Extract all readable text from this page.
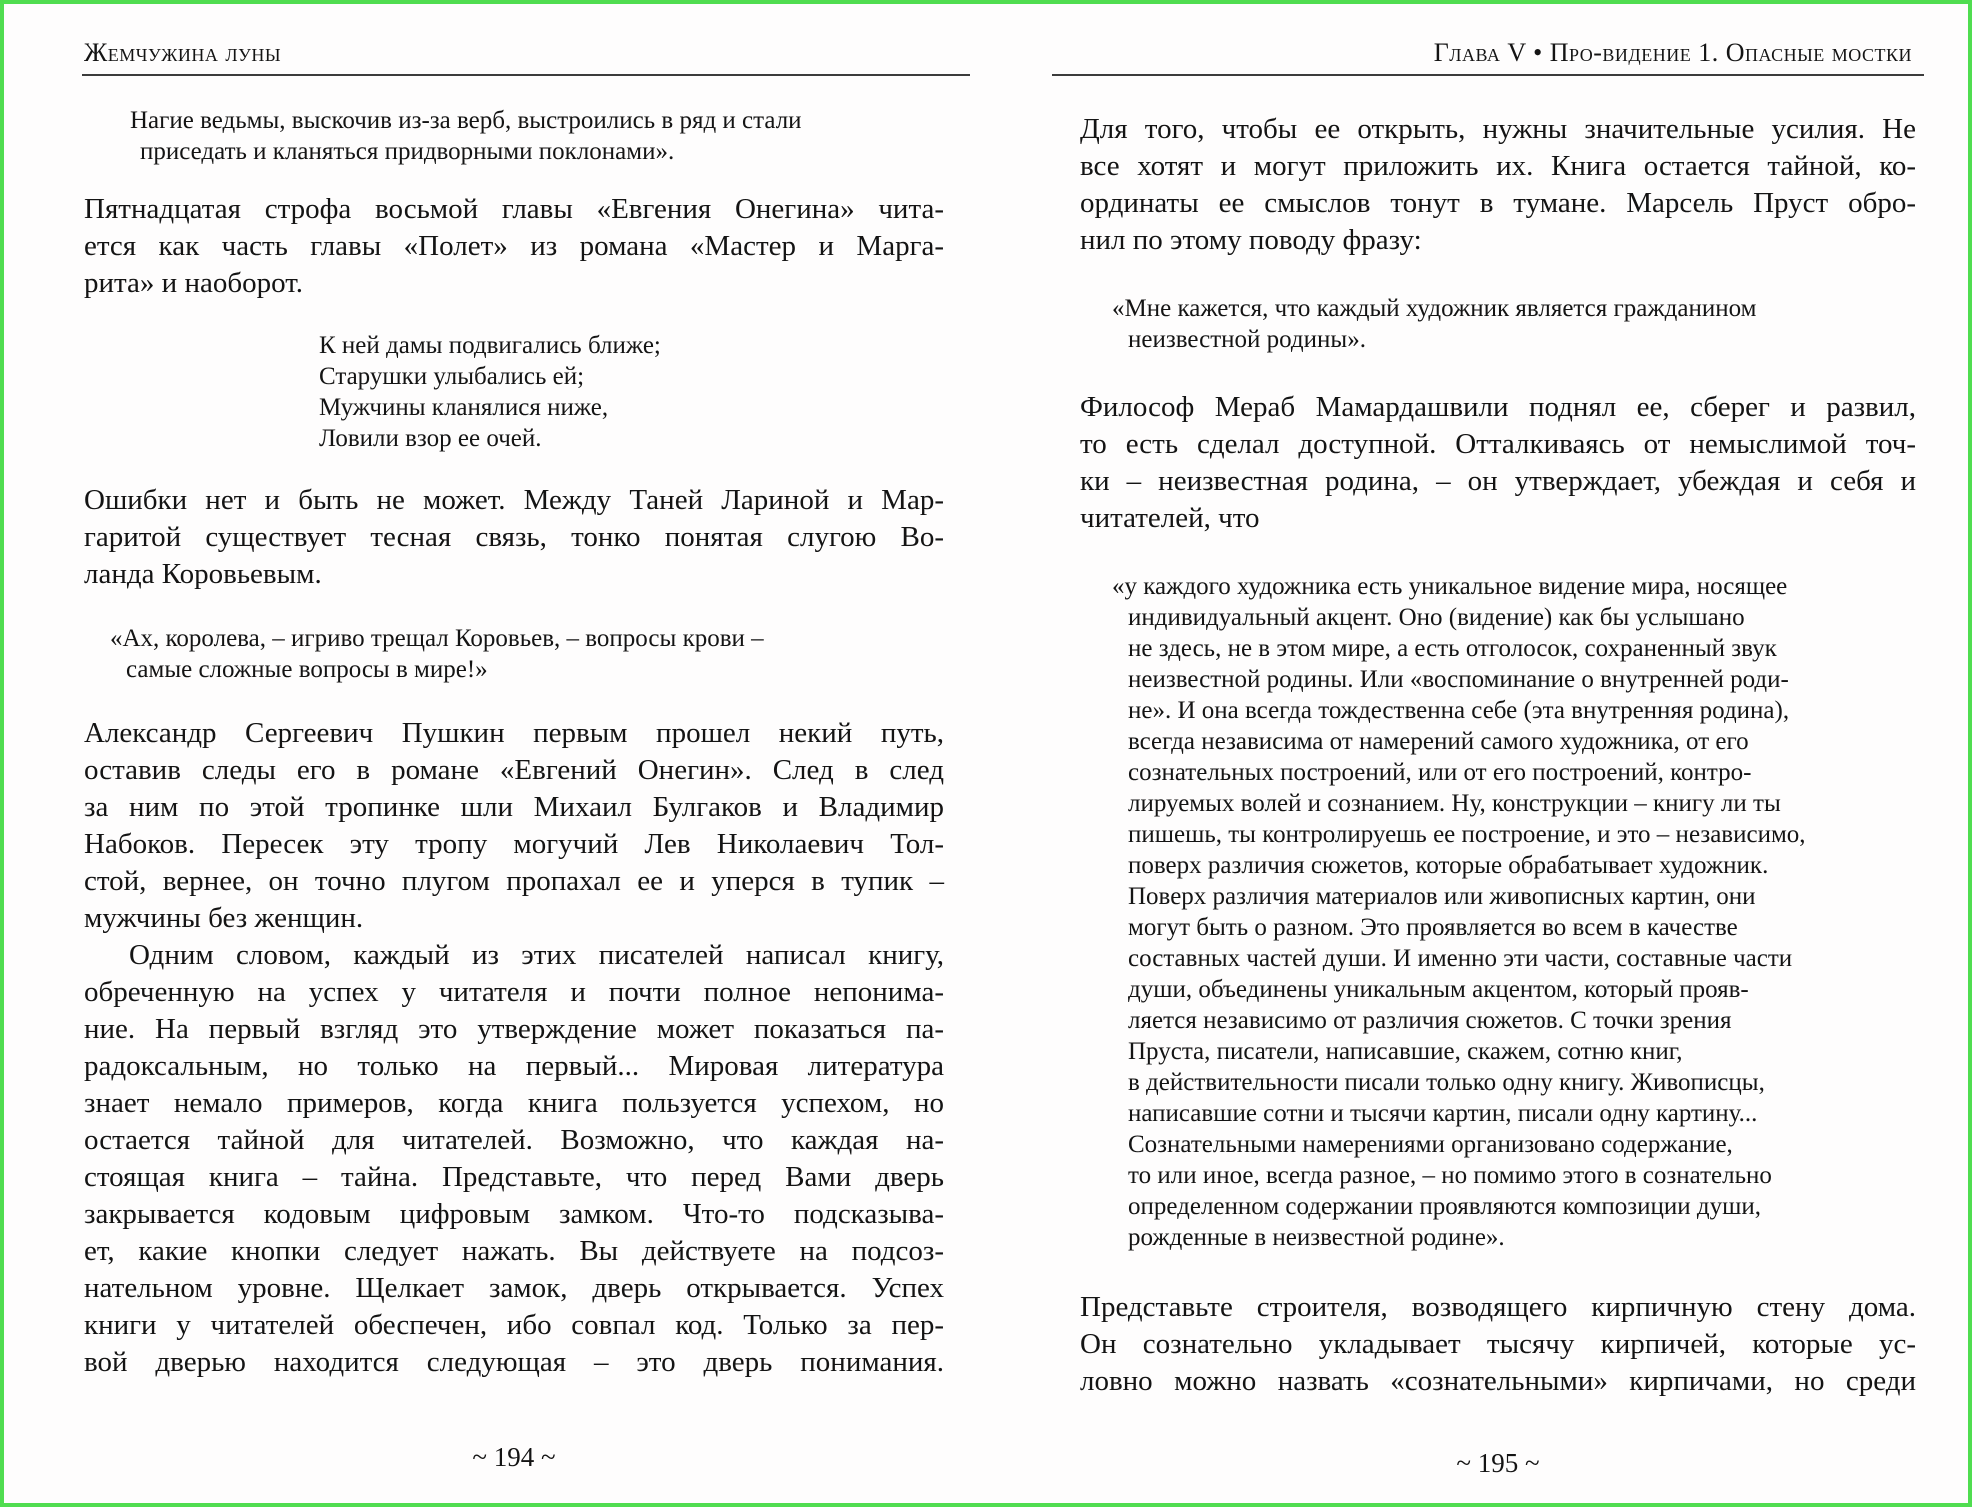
Жемчужина луны	Глава V • Про-видение 1. Опасные мостки
Нагие ведьмы, выскочив из-за верб, выстроились в ряд и стали
приседать и кланяться придворными поклонами».
Пятнадцатая строфа восьмой главы «Евгения Онегина» чита-
ется как часть главы «Полет» из романа «Мастер и Марга-
рита» и наоборот.
К ней дамы подвигались ближе;
Старушки улыбались ей;
Мужчины кланялися ниже,
Ловили взор ее очей.
Ошибки нет и быть не может. Между Таней Лариной и Мар-
гаритой существует тесная связь, тонко понятая слугою Во-
ланда Коровьевым.
«Ах, королева, – игриво трещал Коровьев, – вопросы крови –
самые сложные вопросы в мире!»
Александр Сергеевич Пушкин первым прошел некий путь,
оставив следы его в романе «Евгений Онегин». След в след
за ним по этой тропинке шли Михаил Булгаков и Владимир
Набоков. Пересек эту тропу могучий Лев Николаевич Тол-
стой, вернее, он точно плугом пропахал ее и уперся в тупик –
мужчины без женщин.
Одним словом, каждый из этих писателей написал книгу,
обреченную на успех у читателя и почти полное непонима-
ние. На первый взгляд это утверждение может показаться па-
радоксальным, но только на первый... Мировая литература
знает немало примеров, когда книга пользуется успехом, но
остается тайной для читателей. Возможно, что каждая на-
стоящая книга – тайна. Представьте, что перед Вами дверь
закрывается кодовым цифровым замком. Что-то подсказыва-
ет, какие кнопки следует нажать. Вы действуете на подсоз-
нательном уровне. Щелкает замок, дверь открывается. Успех
книги у читателей обеспечен, ибо совпал код. Только за пер-
вой дверью находится следующая – это дверь понимания.
Для того, чтобы ее открыть, нужны значительные усилия. Не
все хотят и могут приложить их. Книга остается тайной, ко-
ординаты ее смыслов тонут в тумане. Марсель Пруст обро-
нил по этому поводу фразу:
«Мне кажется, что каждый художник является гражданином
неизвестной родины».
Философ Мераб Мамардашвили поднял ее, сберег и развил,
то есть сделал доступной. Отталкиваясь от немыслимой точ-
ки – неизвестная родина, – он утверждает, убеждая и себя и
читателей, что
«у каждого художника есть уникальное видение мира, носящее
индивидуальный акцент. Оно (видение) как бы услышано
не здесь, не в этом мире, а есть отголосок, сохраненный звук
неизвестной родины. Или «воспоминание о внутренней роди-
не». И она всегда тождественна себе (эта внутренняя родина),
всегда независима от намерений самого художника, от его
сознательных построений, или от его построений, контро-
лируемых волей и сознанием. Ну, конструкции – книгу ли ты
пишешь, ты контролируешь ее построение, и это – независимо,
поверх различия сюжетов, которые обрабатывает художник.
Поверх различия материалов или живописных картин, они
могут быть о разном. Это проявляется во всем в качестве
составных частей души. И именно эти части, составные части
души, объединены уникальным акцентом, который прояв-
ляется независимо от различия сюжетов. С точки зрения
Пруста, писатели, написавшие, скажем, сотню книг,
в действительности писали только одну книгу. Живописцы,
написавшие сотни и тысячи картин, писали одну картину...
Сознательными намерениями организовано содержание,
то или иное, всегда разное, – но помимо этого в сознательно
определенном содержании проявляются композиции души,
рожденные в неизвестной родине».
Представьте строителя, возводящего кирпичную стену дома.
Он сознательно укладывает тысячу кирпичей, которые ус-
ловно можно назвать «сознательными» кирпичами, но среди
~ 194 ~	~ 195 ~
